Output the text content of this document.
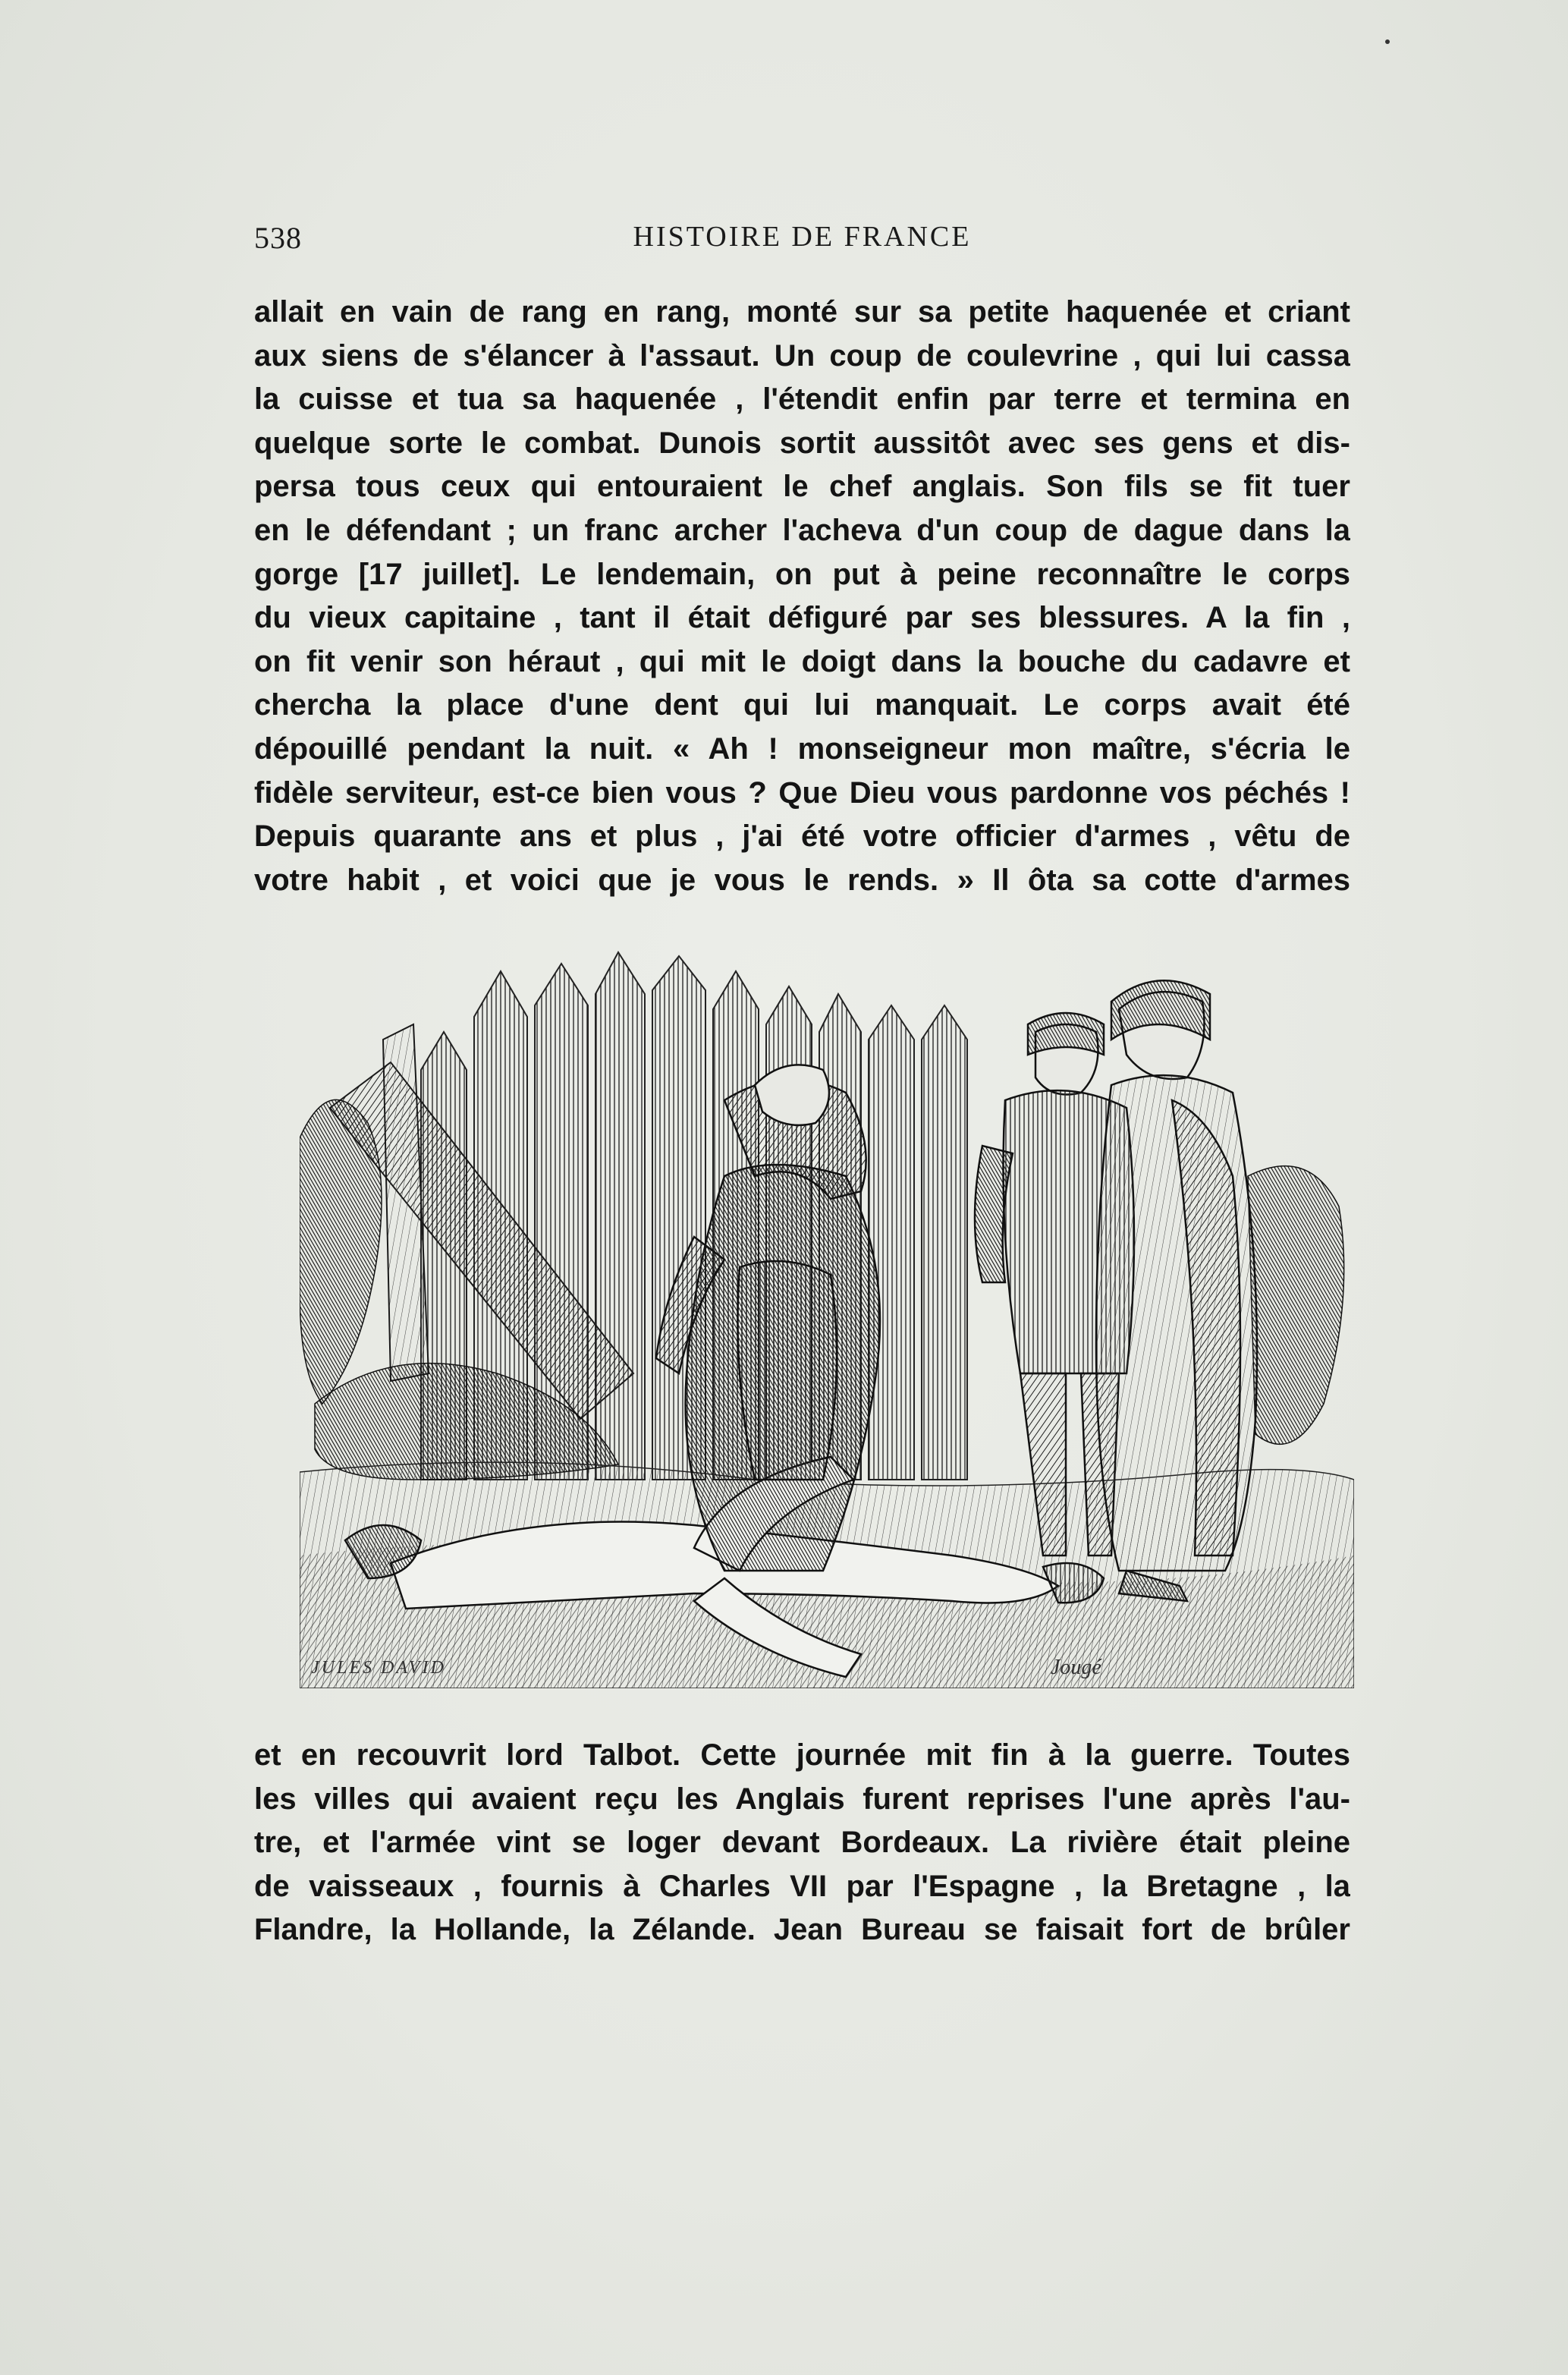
538	HISTOIRE DE FRANCE
allait en vain de rang en rang, monté sur sa petite haquenée et criant
aux siens de s'élancer à l'assaut. Un coup de coulevrine , qui lui cassa
la cuisse et tua sa haquenée , l'étendit enfin par terre et termina en
quelque sorte le combat. Dunois sortit aussitôt avec ses gens et dis-
persa tous ceux qui entouraient le chef anglais. Son fils se fit tuer
en le défendant ; un franc archer l'acheva d'un coup de dague dans la
gorge [17 juillet]. Le lendemain, on put à peine reconnaître le corps
du vieux capitaine , tant il était défiguré par ses blessures. A la fin ,
on fit venir son héraut , qui mit le doigt dans la bouche du cadavre et
chercha la place d'une dent qui lui manquait. Le corps avait été
dépouillé pendant la nuit. « Ah ! monseigneur mon maître, s'écria le
fidèle serviteur, est-ce bien vous ? Que Dieu vous pardonne vos péchés !
Depuis quarante ans et plus , j'ai été votre officier d'armes , vêtu de
votre habit , et voici que je vous le rends. » Il ôta sa cotte d'armes
JULES DAVID	Jougé
et en recouvrit lord Talbot. Cette journée mit fin à la guerre. Toutes
les villes qui avaient reçu les Anglais furent reprises l'une après l'au-
tre, et l'armée vint se loger devant Bordeaux. La rivière était pleine
de vaisseaux , fournis à Charles VII par l'Espagne , la Bretagne , la
Flandre, la Hollande, la Zélande. Jean Bureau se faisait fort de brûler
